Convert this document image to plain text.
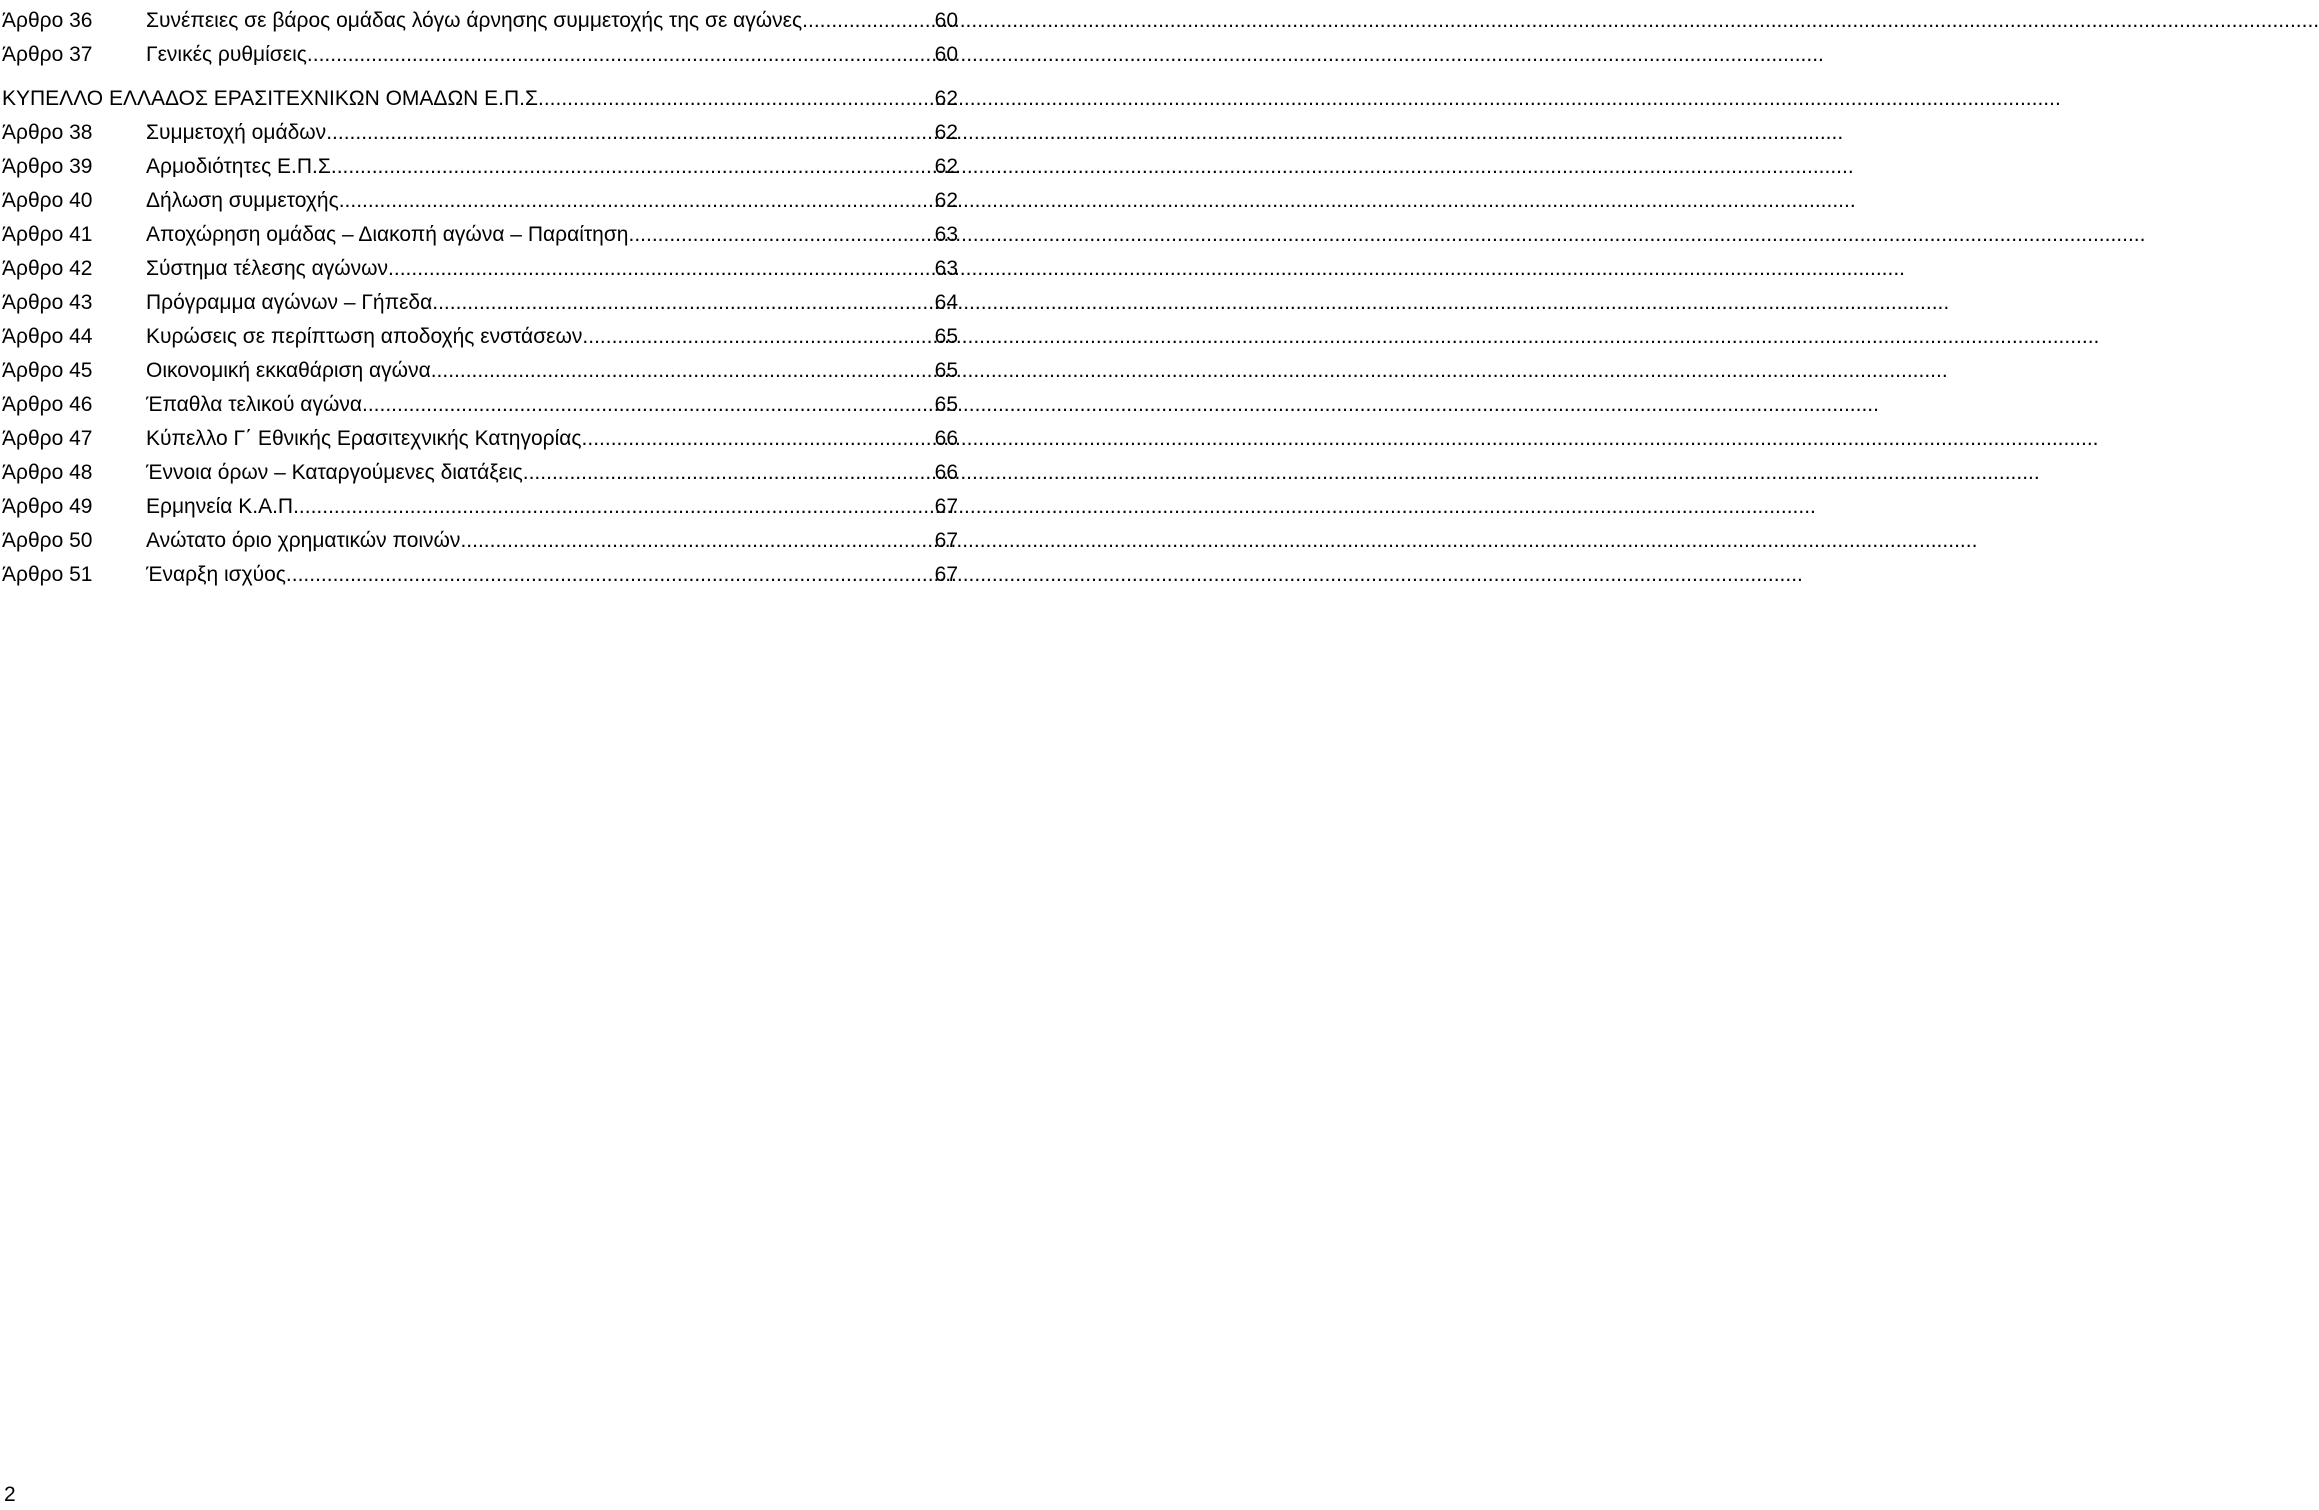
Άρθρο 36	Συνέπειες σε βάρος ομάδας λόγω άρνησης συμμετοχής της σε αγώνες .....	60
Άρθρο 37	Γενικές ρυθμίσεις .....	60
ΚΥΠΕΛΛΟ ΕΛΛΑΔΟΣ ΕΡΑΣΙΤΕΧΝΙΚΩΝ ΟΜΑΔΩΝ Ε.Π.Σ. .....	62
Άρθρο 38	Συμμετοχή ομάδων .....	62
Άρθρο 39	Αρμοδιότητες Ε.Π.Σ. .....	62
Άρθρο 40	Δήλωση συμμετοχής .....	62
Άρθρο 41	Αποχώρηση ομάδας – Διακοπή αγώνα – Παραίτηση .....	63
Άρθρο 42	Σύστημα τέλεσης αγώνων .....	63
Άρθρο 43	Πρόγραμμα αγώνων – Γήπεδα .....	64
Άρθρο 44	Κυρώσεις σε περίπτωση αποδοχής ενστάσεων .....	65
Άρθρο 45	Οικονομική εκκαθάριση αγώνα .....	65
Άρθρο 46	Έπαθλα τελικού αγώνα .....	65
Άρθρο 47	Κύπελλο Γ΄ Εθνικής Ερασιτεχνικής Κατηγορίας .....	66
Άρθρο 48	Έννοια όρων – Καταργούμενες διατάξεις .....	66
Άρθρο 49	Ερμηνεία Κ.Α.Π. .....	67
Άρθρο 50	Ανώτατο όριο χρηματικών ποινών .....	67
Άρθρο 51	Έναρξη ισχύος .....	67
2
